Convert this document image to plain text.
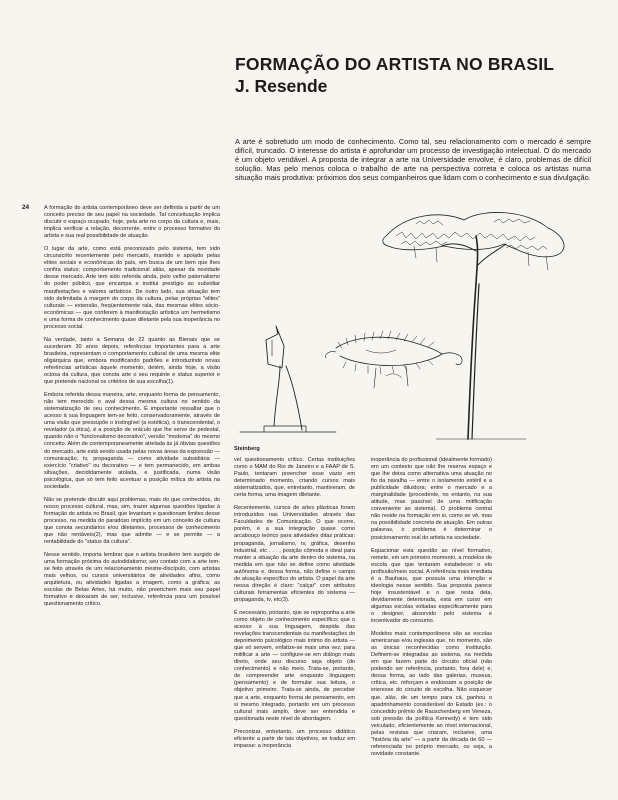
FORMAÇÃO DO ARTISTA NO BRASIL
J. Resende

A arte é sobretudo um modo de conhecimento. Como tal, seu relacionamento com o mercado é sempre difícil, truncado. O interesse do artista é aprofundar um processo de investigação intelectual. O do mercado é um objeto vendável. A proposta de integrar a arte na Universidade envolve, é claro, problemas de difícil solução. Mas pelo menos coloca o trabalho de arte na perspectiva correta e coloca os artistas numa situação mais produtiva: próximos dos seus companheiros que lidam com o conhecimento e sua divulgação.

24	A formação do artista contemporâneo deve ser definida a partir de um conceito preciso de seu papel na sociedade. Tal conceituação implica discutir o espaço ocupado, hoje, pela arte no corpo da cultura e, mais, implica verificar a relação, decorrente, entre o processo formativo do artista e sua real possibilidade de atuação.

O lugar da arte, como está preconizado pelo sistema, tem sido circunscrito recentemente pelo mercado, mantido e apoiado pelas elites sociais e econômicas do país, em busca de um bem que lhes confira status; comportamento tradicional aliás, apesar da novidade desse mercado. Arte tem sido referida ainda, pelo velho paternalismo do poder público, que encampa e institui prestígio ao subsidiar manifestações e valores artísticos. De outro lado, sua situação tem sido delimitada à margem do corpo da cultura, pelas próprias "elites" culturais — extensão, freqüentemente rala, das mesmas elites sócio-econômicas — que conferem à manifestação artística um hermetismo e uma forma de conhecimento quase diletante pela sua inoperância no processo social.

Na verdade, tanto a Semana de 22 quanto as Bienais que se sucederam 30 anos depois, referências importantes para a arte brasileira, representam o comportamento cultural de uma mesma elite oligárquica que, embora modificando padrões e introduzindo novas referências artísticas àquele momento, detém, ainda hoje, a visão ociosa da cultura, que conota arte o seu requinte e status superior e que pretende nacional os critérios de sua escolha(1).

Embora referida dessa maneira, arte, enquanto forma de pensamento, não tem merecido o aval dessa mesma cultura no sentido da sistematização de seu conhecimento. É importante ressaltar que o acesso à sua linguagem tem-se feito, conservadoramente, através de uma visão que pressupõe o instingível (a estética), o transcendental, o revelador (a ética), é a posição de oráculo que lhe serve de pedestal, quando não o "funcionalismo decorativo", versão "moderna" do mesmo conceito. Além de contemporaneamente atrelada às já óbvias questões do mercado, arte está sendo usada pelas novas áreas da expressão — comunicação, tv, propaganda — como atividade subsidiária — exercício "criativo" ou decorativo — e tem permanecido, em ambas situações, decididamente atolada, e justificada, numa visão psicológica, que só tem feito acentuar a posição mítica do artista na sociedade.

Não se pretende discutir aqui problemas, mais do que conhecidos, do nosso processo cultural, mas, sim, trazer algumas questões ligadas à formação do artista no Brasil, que levantam e questionam limites desse processo, na medida do paradoxo implícito em um conceito de cultura que conota secundários e/ou diletantes, processos de conhecimento que não rentáveis(2), mas que admite — e se permite — a rentabilidade do "status da cultura".

Nesse sentido, importa lembrar que o artista brasileiro tem surgido de uma formação próxima do autodidatismo; seu contato com a arte tem-se feito através de um relacionamento mestre-discípulo, com artistas mais velhos, ou cursos universitários de atividades afins, como arquitetura, ou atividades ligadas a imagem, como a gráfica; as escolas de Belas Artes, há muito, não preenchem mais seu papel formativo e deixaram de ser, inclusive, referência para um possível questionamento crítico.

Steinberg

vel questionamento crítico. Certas instituições como o MAM do Rio de Janeiro e a FAAP de S. Paulo, tentaram preencher esse vazio em determinado momento, criando cursos mais sistematizados, que, entretanto, mantiveram, de certa forma, uma imagem diletante.

Recentemente, cursos de artes plásticas foram introduzidos nas Universidades através das Faculdades de Comunicação. O que ocorre, porém, é a sua integração quase como arcabouço teórico para atividades ditas práticas: propaganda, jornalismo, tv, gráfica, desenho industrial, etc . . . , posição cômoda e ideal para manter a situação da arte dentro do sistema, na medida em que não se define como atividade autônoma e, dessa forma, não define o campo de atuação específico do artista. O papel da arte nessa direção é claro: "calçar" com atributos culturais ferramentas eficientes do sistema — propaganda, tv, etc(3).

É necessário, portanto, que se reproponha a arte como objeto de conhecimento específico; que o acesso à sua linguagem, despida das revelações transcendentais ou manifestações do depoimento psicológico mais íntimo do artista — que só servem, enfatize-se mais uma vez, para mitificar a arte — configure-se em diálogo mais direto, onde seu discurso seja objeto (do conhecimento) e não meio. Trata-se, portanto, de compreender arte enquanto linguagem (pensamento) e de formular sua leitura, o objetivo primeiro. Trata-se ainda, de perceber que a arte, enquanto forma de pensamento, em si mesmo integrado, portanto em um processo cultural mais amplo, deve ser entendida e questionada neste nível de abordagem.

Preconizar, entretanto, um processo didático eficiente a partir de tais objetivos, se traduz em impasse: a inoperância

inoperância do profissional (idealmente formado) em um contexto que não lhe reserva espaço e que lhe deixa como alternativa uma atuação no fio da navalha — entre o isolamento estéril e a publicidade diluidora; entre o mercado e a marginalidade (procedente, no entanto, na sua atitude, mas passível de uma mitificação conveniente ao sistema). O problema central não reside na formação em si, como se vê, mas na possibilidade concreta de atuação. Em outras palavras, o problema é determinar o posicionamento real do artista na sociedade.

Equacionar esta questão ao nível formativo, remete, em um primeiro momento, a modelos de escola que que tentaram estabelecer o elo profissão/meio social. A referência mais imediata é a Bauhaus, que possuía uma intenção e ideologia nesse sentido. Sua proposta parece hoje insustentável e o que resta dela, devidamente deteriorada, está em curso em algumas escolas voltadas especificamente para o designer, absorvido pelo sistema e incentivador do consumo.

Modelos mais contemporâneos são as escolas americanas e/ou inglesas que, no momento, são as únicas reconhecidas como instituição. Definem-se integradas ao sistema, na medida em que fazem parte do circuito oficial (não podendo ser referência, portanto, fora dele) e, dessa forma, ao lado das galerias, museus, crítica, etc. reforçam e endossam a posição de interesse do circuito de escolha. Não esquecer que, alás, de um tempo para cá, ganhou o apadrinhamento considerável do Estado (ex.: o concedido prêmio de Rauschenberg em Veneza, sob pressão da política Kennedy) e tem sido veiculado, eficientemente ao nível internacional, pelas revistas que criaram, inclusive, uma "história da arte" — a partir da década de 60 — referenciada no próprio mercado, ou seja, a novidade constante.
